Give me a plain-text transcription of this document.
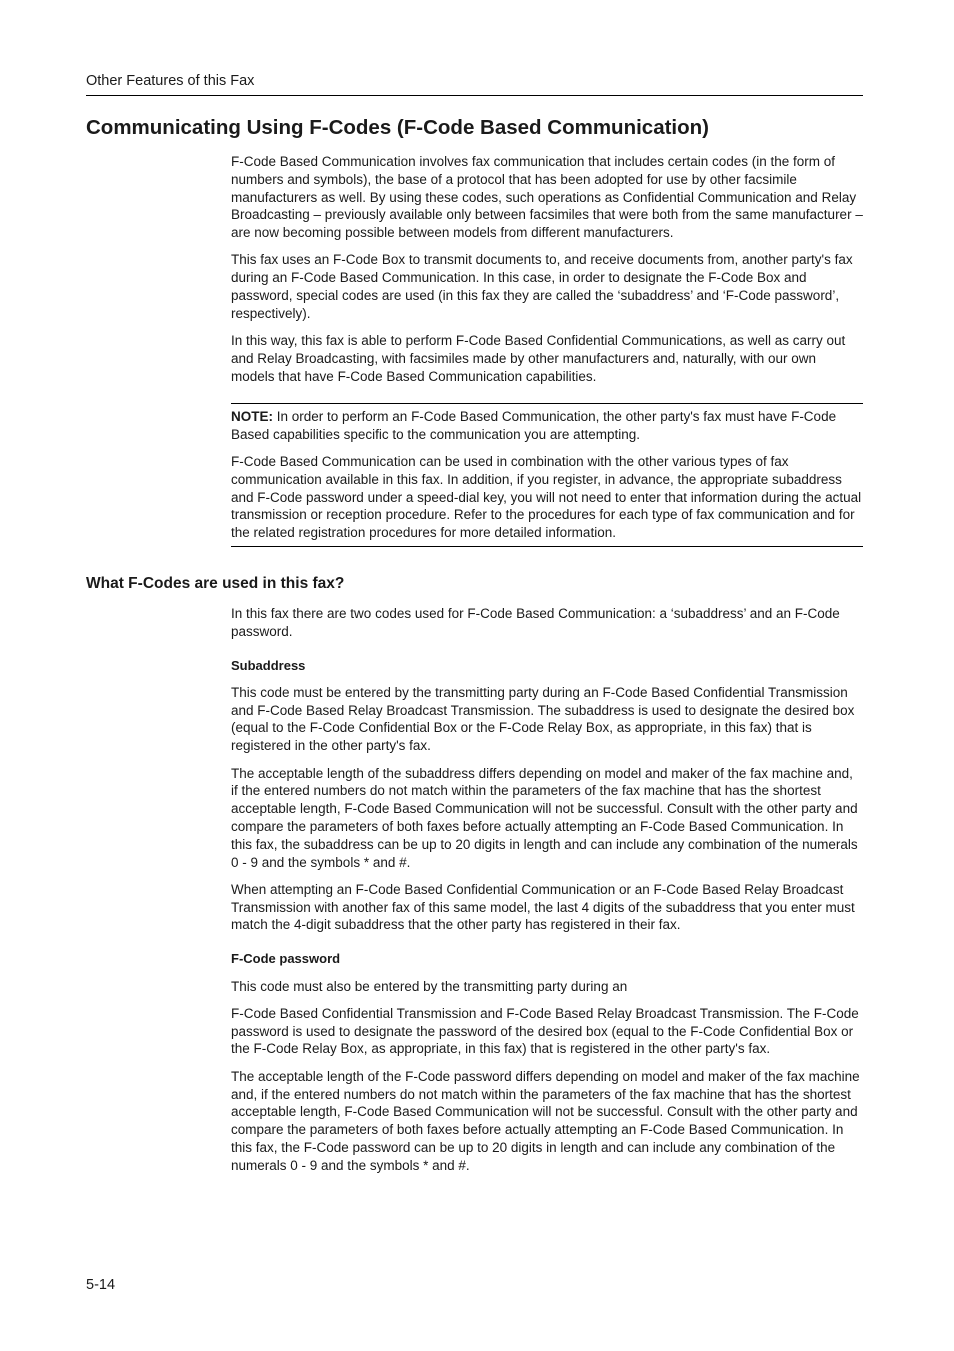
Other Features of this Fax
Communicating Using F-Codes (F-Code Based Communication)

F-Code Based Communication involves fax communication that includes certain codes (in the form of numbers and symbols), the base of a protocol that has been adopted for use by other facsimile manufacturers as well. By using these codes, such operations as Confidential Communication and Relay Broadcasting – previously available only between facsimiles that were both from the same manufacturer – are now becoming possible between models from different manufacturers.

This fax uses an F-Code Box to transmit documents to, and receive documents from, another party's fax during an F-Code Based Communication. In this case, in order to designate the F-Code Box and password, special codes are used (in this fax they are called the ‘subaddress’ and ‘F-Code password’, respectively).

In this way, this fax is able to perform F-Code Based Confidential Communications, as well as carry out and Relay Broadcasting, with facsimiles made by other manufacturers and, naturally, with our own models that have F-Code Based Communication capabilities.

NOTE: In order to perform an F-Code Based Communication, the other party's fax must have F-Code Based capabilities specific to the communication you are attempting.

F-Code Based Communication can be used in combination with the other various types of fax communication available in this fax. In addition, if you register, in advance, the appropriate subaddress and F-Code password under a speed-dial key, you will not need to enter that information during the actual transmission or reception procedure. Refer to the procedures for each type of fax communication and for the related registration procedures for more detailed information.

What F-Codes are used in this fax?

In this fax there are two codes used for F-Code Based Communication: a ‘subaddress’ and an F-Code password.

Subaddress

This code must be entered by the transmitting party during an F-Code Based Confidential Transmission and F-Code Based Relay Broadcast Transmission. The subaddress is used to designate the desired box (equal to the F-Code Confidential Box or the F-Code Relay Box, as appropriate, in this fax) that is registered in the other party's fax.

The acceptable length of the subaddress differs depending on model and maker of the fax machine and, if the entered numbers do not match within the parameters of the fax machine that has the shortest acceptable length, F-Code Based Communication will not be successful. Consult with the other party and compare the parameters of both faxes before actually attempting an F-Code Based Communication. In this fax, the subaddress can be up to 20 digits in length and can include any combination of the numerals 0 - 9 and the symbols * and #.

When attempting an F-Code Based Confidential Communication or an F-Code Based Relay Broadcast Transmission with another fax of this same model, the last 4 digits of the subaddress that you enter must match the 4-digit subaddress that the other party has registered in their fax.

F-Code password

This code must also be entered by the transmitting party during an

F-Code Based Confidential Transmission and F-Code Based Relay Broadcast Transmission. The F-Code password is used to designate the password of the desired box (equal to the F-Code Confidential Box or the F-Code Relay Box, as appropriate, in this fax) that is registered in the other party's fax.

The acceptable length of the F-Code password differs depending on model and maker of the fax machine and, if the entered numbers do not match within the parameters of the fax machine that has the shortest acceptable length, F-Code Based Communication will not be successful. Consult with the other party and compare the parameters of both faxes before actually attempting an F-Code Based Communication. In this fax, the F-Code password can be up to 20 digits in length and can include any combination of the numerals 0 - 9 and the symbols * and #.

5-14
